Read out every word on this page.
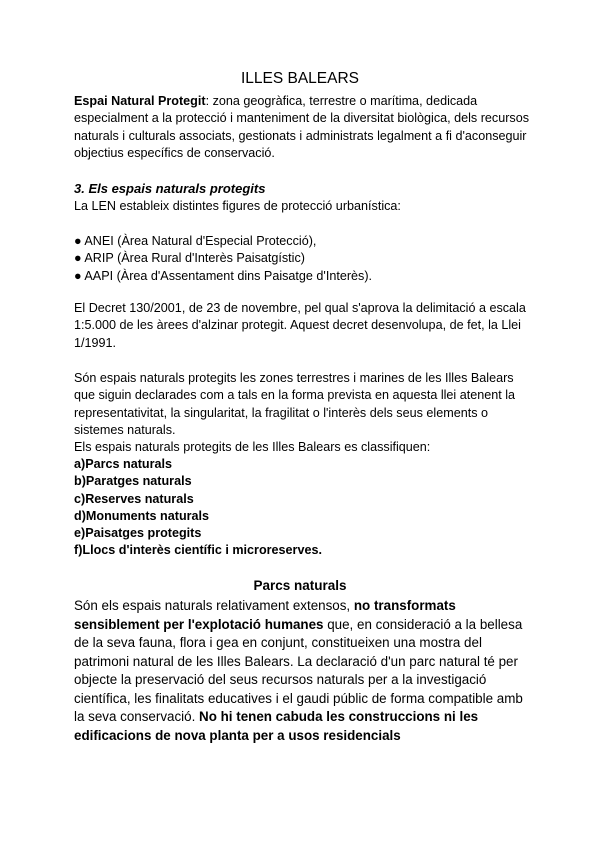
ILLES BALEARS

Espai Natural Protegit: zona geogràfica, terrestre o marítima, dedicada especialment a la protecció i manteniment de la diversitat biològica, dels recursos naturals i culturals associats, gestionats i administrats legalment a fi d'aconseguir objectius específics de conservació.

3. Els espais naturals protegits

La LEN estableix distintes figures de protecció urbanística:

● ANEI (Àrea Natural d'Especial Protecció),
● ARIP (Àrea Rural d'Interès Paisatgístic)
● AAPI (Àrea d'Assentament dins Paisatge d'Interès).

El Decret 130/2001, de 23 de novembre, pel qual s'aprova la delimitació a escala 1:5.000 de les àrees d'alzinar protegit. Aquest decret desenvolupa, de fet, la Llei 1/1991.

Són espais naturals protegits les zones terrestres i marines de les Illes Balears que siguin declarades com a tals en la forma prevista en aquesta llei atenent la representativitat, la singularitat, la fragilitat o l'interès dels seus elements o sistemes naturals.

Els espais naturals protegits de les Illes Balears es classifiquen:

a)Parcs naturals
b)Paratges naturals
c)Reserves naturals
d)Monuments naturals
e)Paisatges protegits
f)Llocs d'interès científic i microreserves.

Parcs naturals

Són els espais naturals relativament extensos, no transformats sensiblement per l'explotació humanes que, en consideració a la bellesa de la seva fauna, flora i gea en conjunt, constitueixen una mostra del patrimoni natural de les Illes Balears. La declaració d'un parc natural té per objecte la preservació del seus recursos naturals per a la investigació científica, les finalitats educatives i el gaudi públic de forma compatible amb la seva conservació. No hi tenen cabuda les construccions ni les edificacions de nova planta per a usos residencials
